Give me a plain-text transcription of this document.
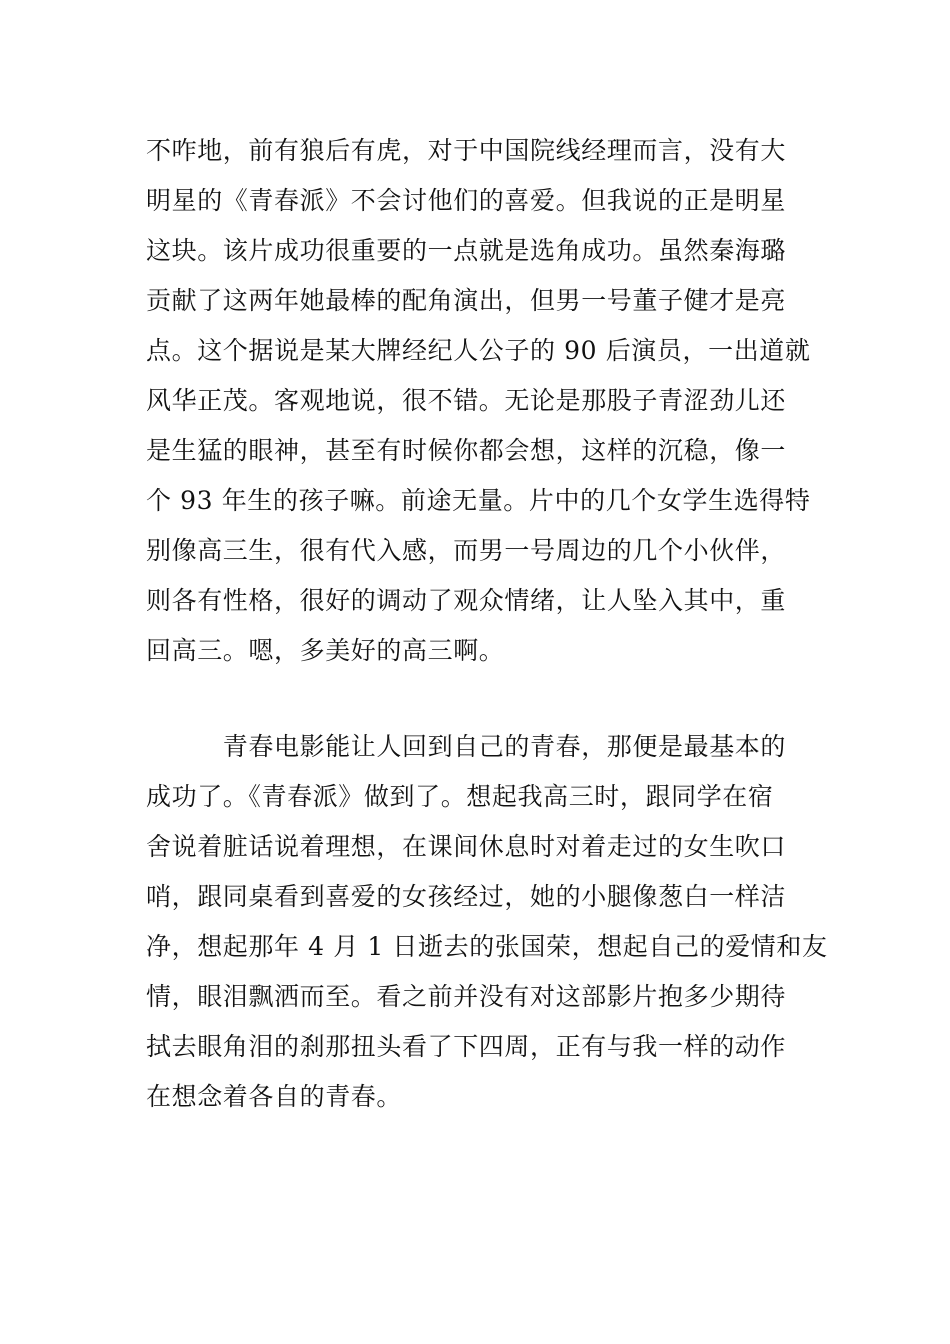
不咋地，前有狼后有虎，对于中国院线经理而言，没有大
明星的《青春派》不会讨他们的喜爱。但我说的正是明星
这块。该片成功很重要的一点就是选角成功。虽然秦海璐
贡献了这两年她最棒的配角演出，但男一号董子健才是亮
点。这个据说是某大牌经纪人公子的 90 后演员，一出道就
风华正茂。客观地说，很不错。无论是那股子青涩劲儿还
是生猛的眼神，甚至有时候你都会想，这样的沉稳，像一
个 93 年生的孩子嘛。前途无量。片中的几个女学生选得特
别像高三生，很有代入感，而男一号周边的几个小伙伴，
则各有性格，很好的调动了观众情绪，让人坠入其中，重
回高三。嗯，多美好的高三啊。
　　　青春电影能让人回到自己的青春，那便是最基本的
成功了。《青春派》做到了。想起我高三时，跟同学在宿
舍说着脏话说着理想，在课间休息时对着走过的女生吹口
哨，跟同桌看到喜爱的女孩经过，她的小腿像葱白一样洁
净，想起那年 4 月 1 日逝去的张国荣，想起自己的爱情和友
情，眼泪飘洒而至。看之前并没有对这部影片抱多少期待
拭去眼角泪的刹那扭头看了下四周，正有与我一样的动作
在想念着各自的青春。
